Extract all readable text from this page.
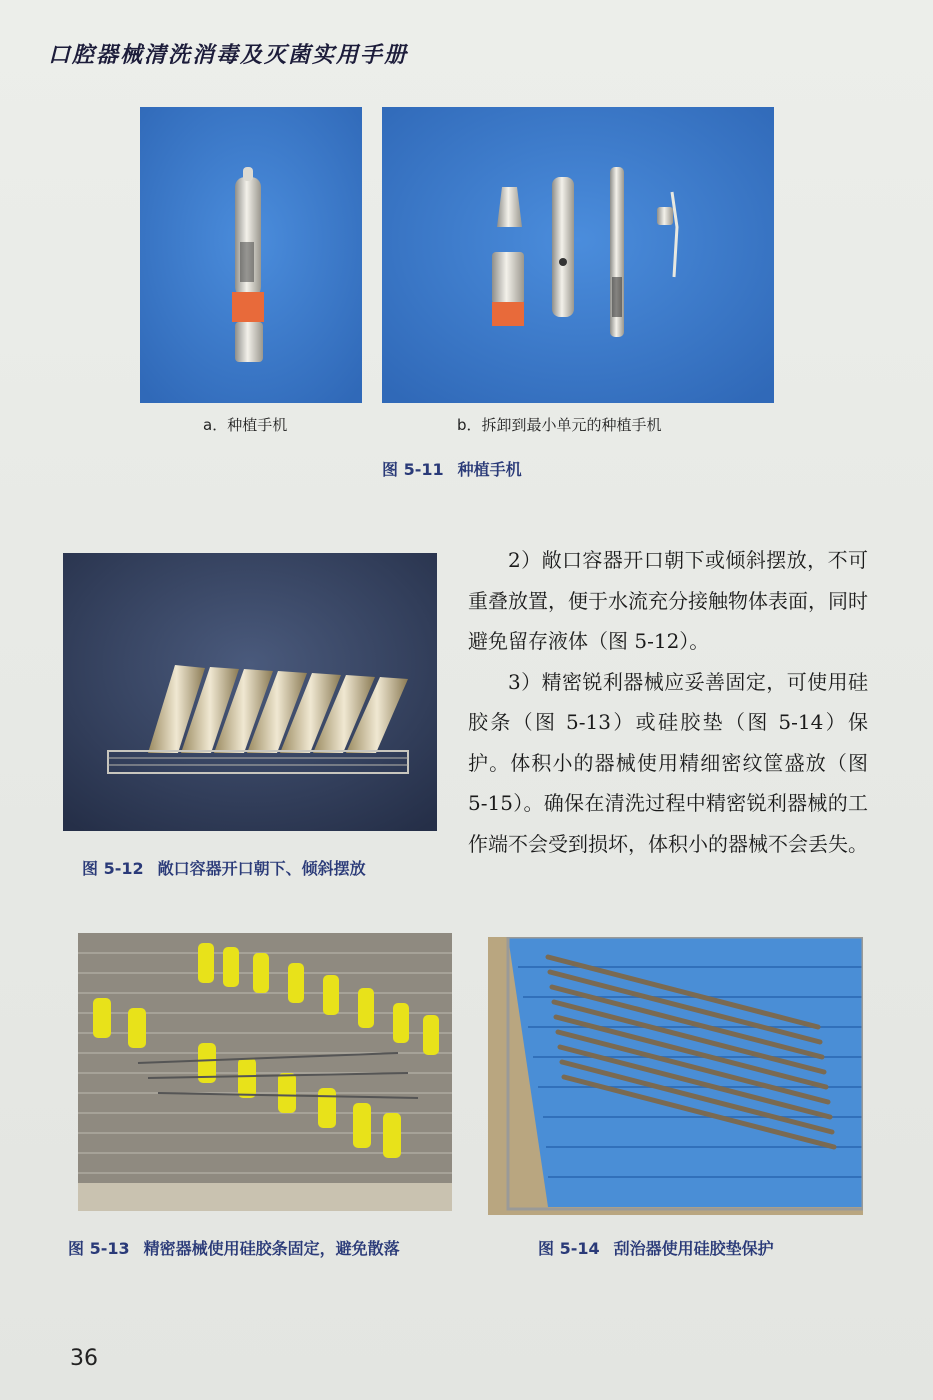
口腔器械清洗消毒及灭菌实用手册
a．种植手机	b．拆卸到最小单元的种植手机
图 5-11 种植手机
图 5-12 敞口容器开口朝下、倾斜摆放

2）敞口容器开口朝下或倾斜摆放，不可重叠放置，便于水流充分接触物体表面，同时避免留存液体（图 5-12）。

3）精密锐利器械应妥善固定，可使用硅胶条（图 5-13）或硅胶垫（图 5-14）保护。体积小的器械使用精细密纹筐盛放（图 5-15）。确保在清洗过程中精密锐利器械的工作端不会受到损坏，体积小的器械不会丢失。

图 5-13 精密器械使用硅胶条固定，避免散落	图 5-14 刮治器使用硅胶垫保护
36
